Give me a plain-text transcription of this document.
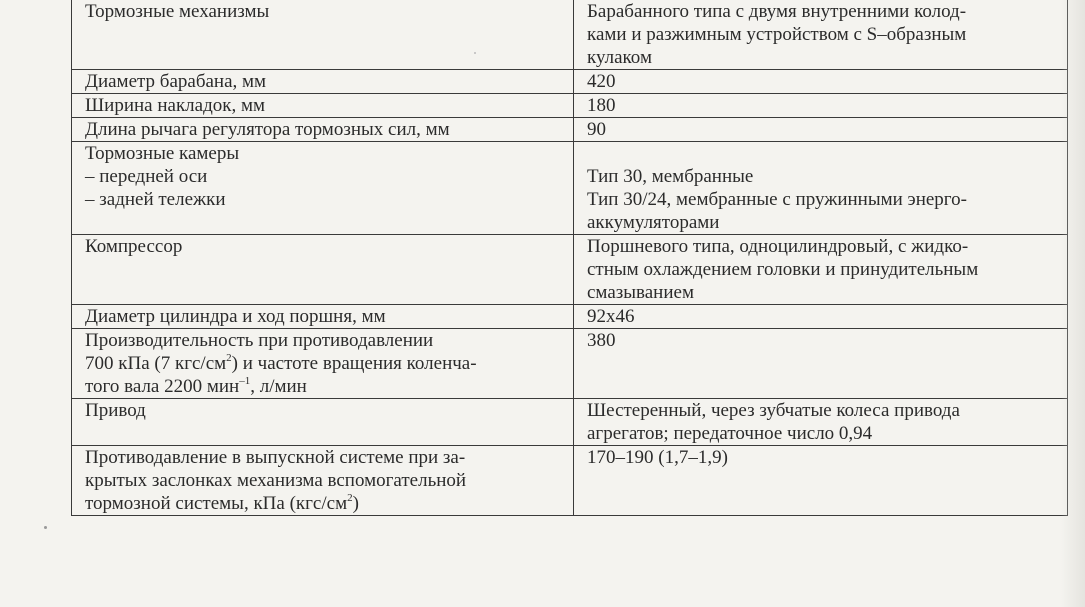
Тормозные механизмы	Барабанного типа с двумя внутренними колод-
ками и разжимным устройством с S–образным
кулаком

Диаметр барабана, мм	420

Ширина накладок, мм	180

Длина рычага регулятора тормозных сил, мм	90

Тормозные камеры
– передней оси
– задней тележки	Тип 30, мембранные
Тип 30/24, мембранные с пружинными энерго-
аккумуляторами

Компрессор	Поршневого типа, одноцилиндровый, с жидко-
стным охлаждением головки и принудительным
смазыванием

Диаметр цилиндра и ход поршня, мм	92х46

Производительность при противодавлении
700 кПа (7 кгс/$см^2$) и частоте вращения коленча-
того вала 2200 мин$^{-1}$, л/мин	380

Привод	Шестеренный, через зубчатые колеса привода
агрегатов; передаточное число 0,94

Противодавление в выпускной системе при за-
крытых заслонках механизма вспомогательной
тормозной системы, кПа $(кгс/см^2)$	170–190 (1,7–1,9)
